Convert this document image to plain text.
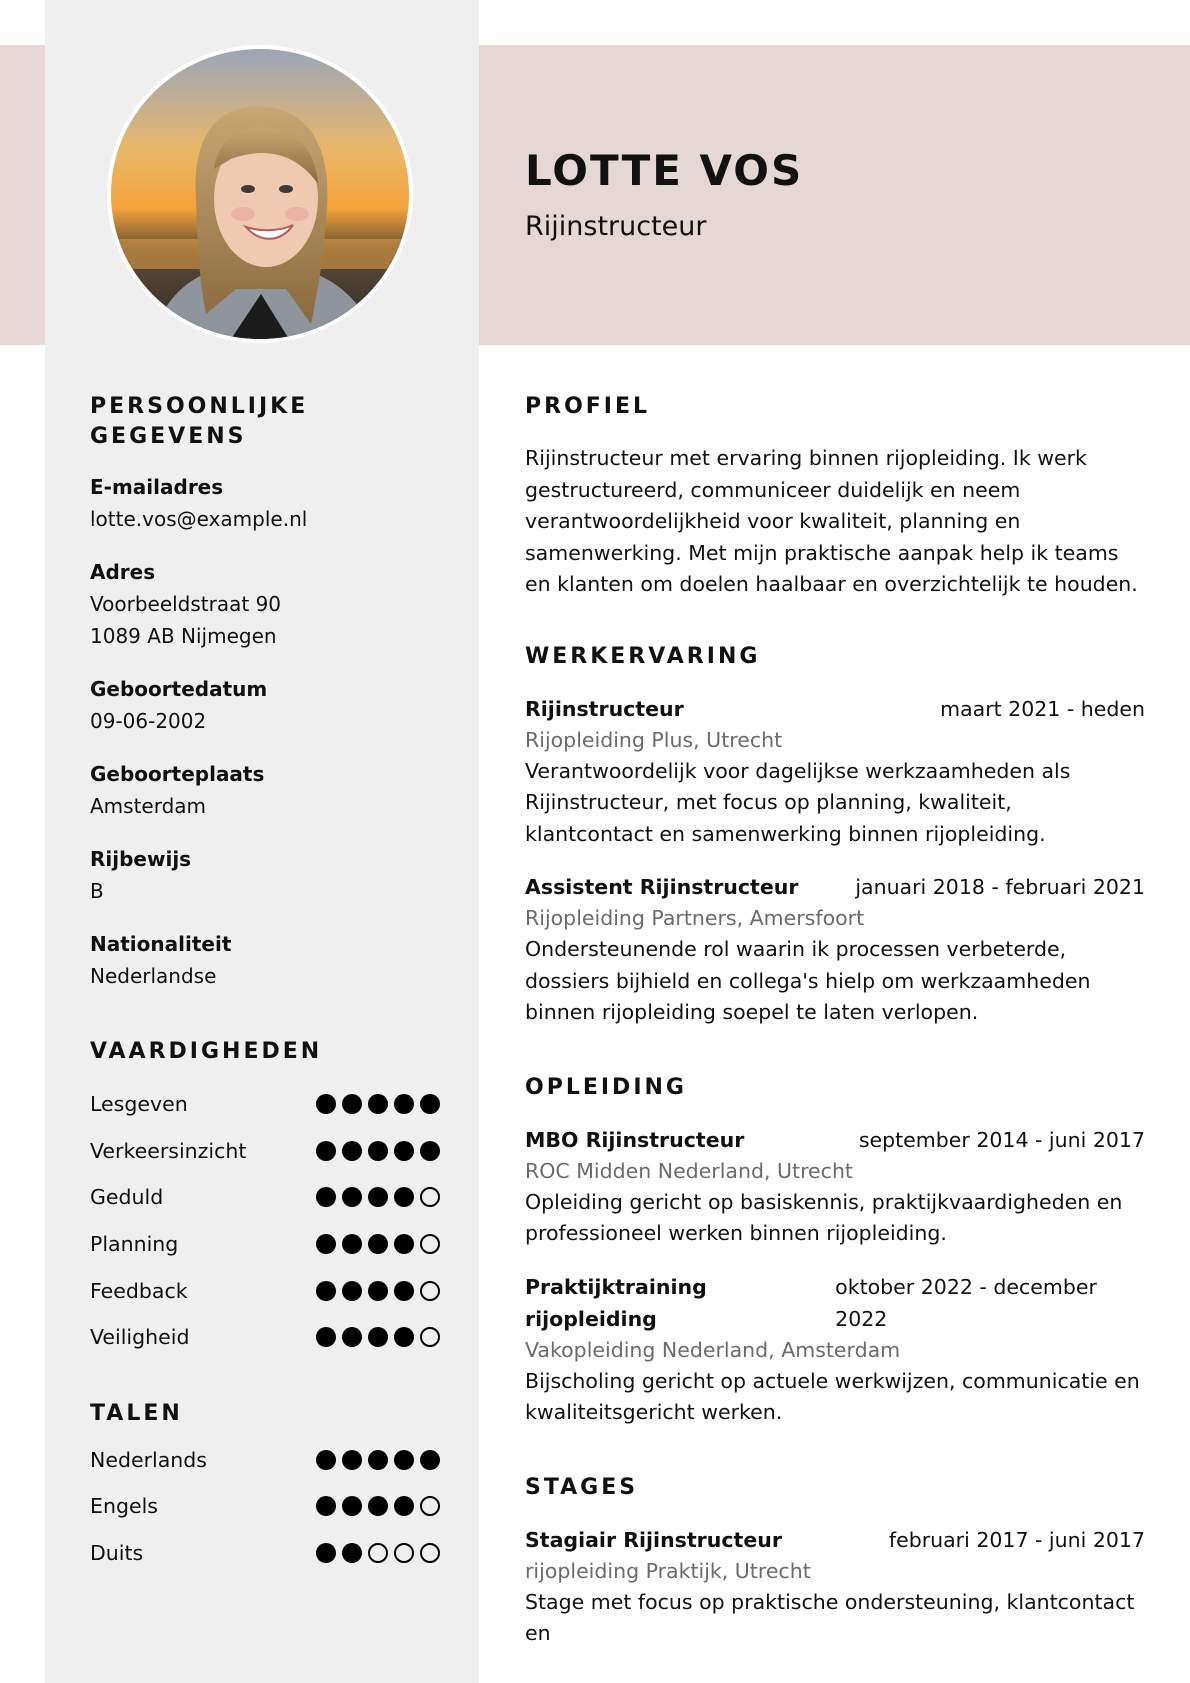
LOTTE VOS
Rijinstructeur
PERSOONLIJKE GEGEVENS
E-mailadres
lotte.vos@example.nl
Adres
Voorbeeldstraat 90
1089 AB Nijmegen
Geboortedatum
09-06-2002
Geboorteplaats
Amsterdam
Rijbewijs
B
Nationaliteit
Nederlandse
VAARDIGHEDEN
Lesgeven
Verkeersinzicht
Geduld
Planning
Feedback
Veiligheid
TALEN
Nederlands
Engels
Duits
PROFIEL

Rijinstructeur met ervaring binnen rijopleiding. Ik werk gestructureerd, communiceer duidelijk en neem verantwoordelijkheid voor kwaliteit, planning en samenwerking. Met mijn praktische aanpak help ik teams en klanten om doelen haalbaar en overzichtelijk te houden.

WERKERVARING
Rijinstructeur	maart 2021 - heden
Rijopleiding Plus, Utrecht

Verantwoordelijk voor dagelijkse werkzaamheden als Rijinstructeur, met focus op planning, kwaliteit, klantcontact en samenwerking binnen rijopleiding.

Assistent Rijinstructeur	januari 2018 - februari 2021
Rijopleiding Partners, Amersfoort

Ondersteunende rol waarin ik processen verbeterde, dossiers bijhield en collega's hielp om werkzaamheden binnen rijopleiding soepel te laten verlopen.

OPLEIDING
MBO Rijinstructeur	september 2014 - juni 2017
ROC Midden Nederland, Utrecht

Opleiding gericht op basiskennis, praktijkvaardigheden en professioneel werken binnen rijopleiding.

Praktijktraining rijopleiding
oktober 2022 - december 2022
Vakopleiding Nederland, Amsterdam

Bijscholing gericht op actuele werkwijzen, communicatie en kwaliteitsgericht werken.

STAGES
Stagiair Rijinstructeur	februari 2017 - juni 2017
rijopleiding Praktijk, Utrecht

Stage met focus op praktische ondersteuning, klantcontact en
